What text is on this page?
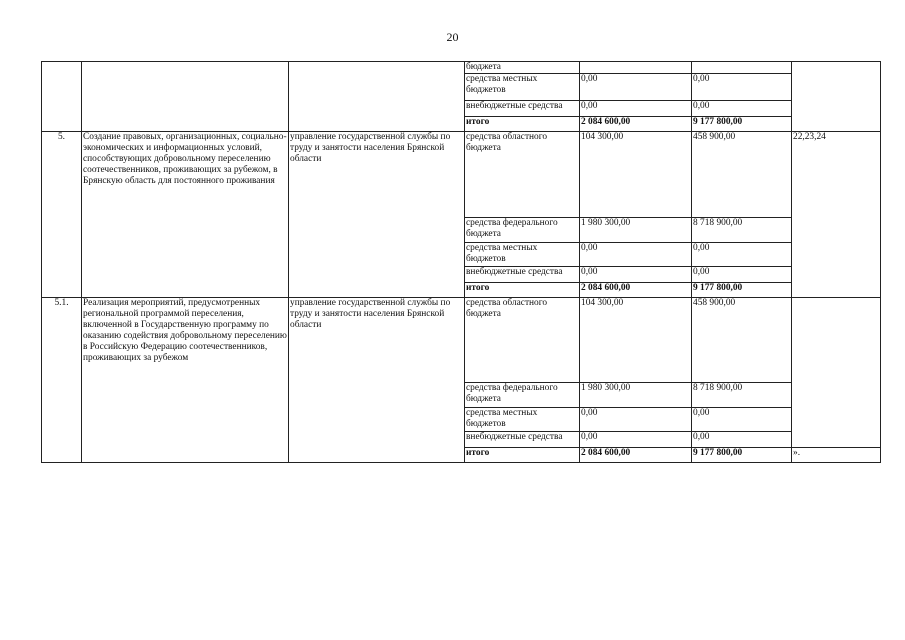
20
			бюджета			
			средства местных бюджетов	0,00	0,00	
			внебюджетные средства	0,00	0,00	
			итого	2 084 600,00	9 177 800,00	
5.	Создание правовых, организационных, социально-экономических и информационных условий, способствующих добровольному переселению соотечественников, проживающих за рубежом, в Брянскую область для постоянного проживания	управление государственной службы по труду и занятости населения Брянской области	средства областного бюджета	104 300,00	458 900,00	22,23,24
			средства федерального бюджета	1 980 300,00	8 718 900,00	
			средства местных бюджетов	0,00	0,00	
			внебюджетные средства	0,00	0,00	
			итого	2 084 600,00	9 177 800,00	
5.1.	Реализация мероприятий, предусмотренных региональной программой переселения, включенной в Государственную программу по оказанию содействия добровольному переселению в Российскую Федерацию соотечественников, проживающих за рубежом	управление государственной службы по труду и занятости населения Брянской области	средства областного бюджета	104 300,00	458 900,00	
			средства федерального бюджета	1 980 300,00	8 718 900,00	
			средства местных бюджетов	0,00	0,00	
			внебюджетные средства	0,00	0,00	
			итого	2 084 600,00	9 177 800,00	».
